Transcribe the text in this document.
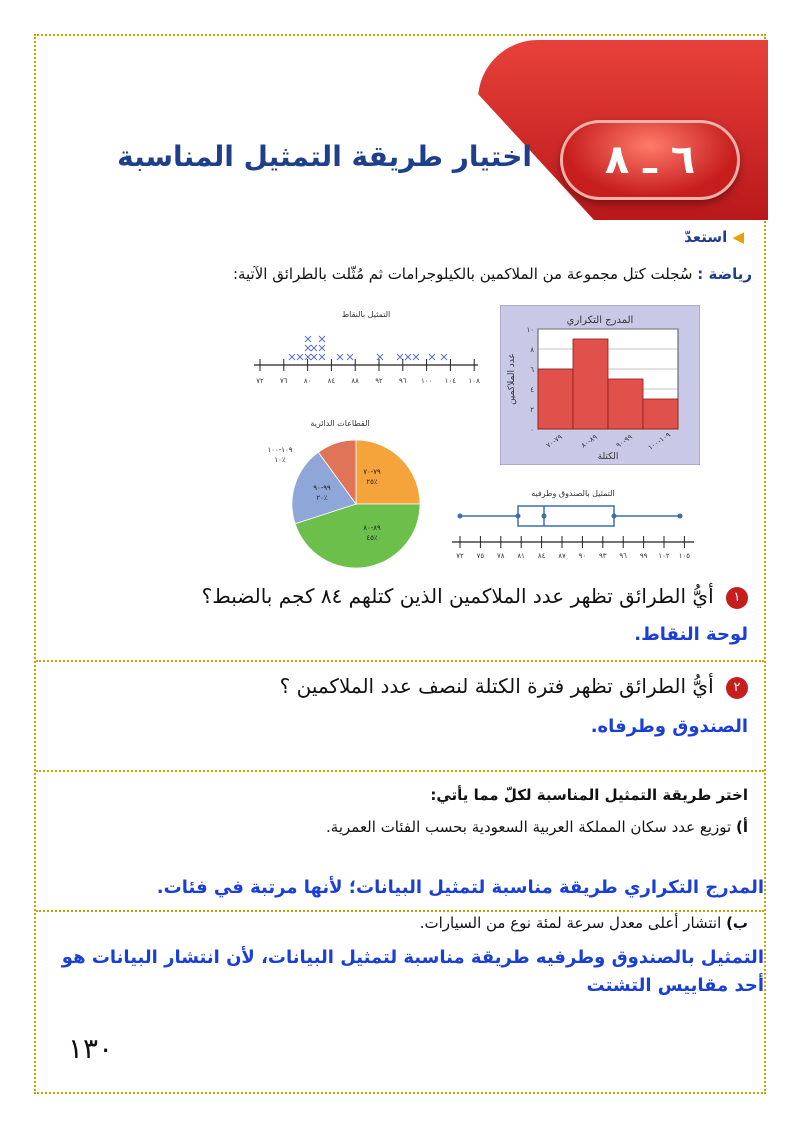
٦ ـ ٨
اختيار طريقة التمثيل المناسبة
◀ استعدّ
رياضة : سُجلت كتل مجموعة من الملاكمين بالكيلوجرامات ثم مُثّلت بالطرائق الآتية:
المدرج التكراري
٠
٢
٤
٦
٨
١٠
٧٩-٧٠
٨٩-٨٠
٩٩-٩٠
١٠٩-١٠٠
عدد الملاكمين
الكتلة
التمثيل بالنقاط
٧٢ ٧٦ ٨٠ ٨٤ ٨٨ ٩٢ ٩٦ ١٠٠ ١٠٤ ١٠٨
القطاعات الدائرية
٧٩-٧٠
٢٥٪
٨٩-٨٠
٤٥٪
٩٩-٩٠
٢٠٪
١٠٩-١٠٠
١٠٪
التمثيل بالصندوق وطرفيه
٧٢ ٧٥ ٧٨ ٨١ ٨٤ ٨٧ ٩٠ ٩٣ ٩٦ ٩٩ ١٠٢ ١٠٥
١ أيُّ الطرائق تظهر عدد الملاكمين الذين كتلهم ٨٤ كجم بالضبط؟
لوحة النقاط.
٢ أيُّ الطرائق تظهر فترة الكتلة لنصف عدد الملاكمين ؟
الصندوق وطرفاه.
اختر طريقة التمثيل المناسبة لكلّ مما يأتي:
أ) توزيع عدد سكان المملكة العربية السعودية بحسب الفئات العمرية.
المدرج التكراري طريقة مناسبة لتمثيل البيانات؛ لأنها مرتبة في فئات.
ب) انتشار أعلى معدل سرعة لمئة نوع من السيارات.
التمثيل بالصندوق وطرفيه طريقة مناسبة لتمثيل البيانات، لأن انتشار البيانات هو أحد مقاييس التشتت
١٣٠
